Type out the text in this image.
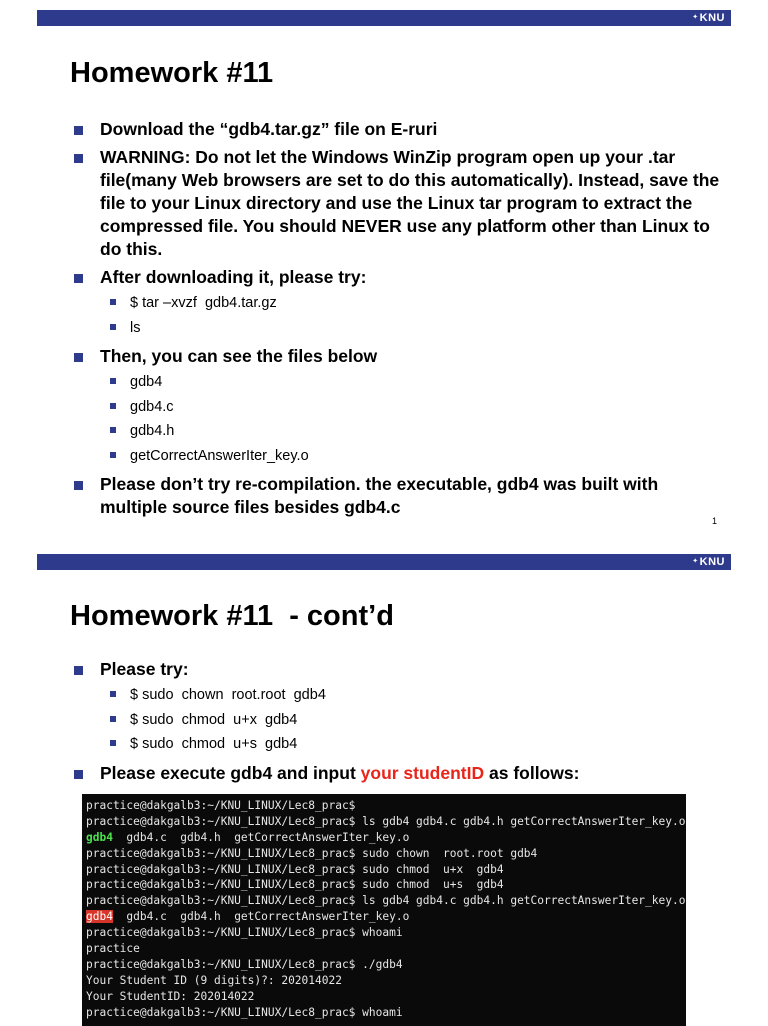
✦KNU
Homework #11
Download the “gdb4.tar.gz” file on E-ruri
WARNING: Do not let the Windows WinZip program open up your .tar file(many Web browsers are set to do this automatically). Instead, save the file to your Linux directory and use the Linux tar program to extract the compressed file. You should NEVER use any platform other than Linux to do this.
After downloading it, please try:
$ tar –xvzf  gdb4.tar.gz
ls
Then, you can see the files below
gdb4
gdb4.c
gdb4.h
getCorrectAnswerIter_key.o
Please don’t try re-compilation. the executable, gdb4 was built with multiple source files besides gdb4.c
1
✦KNU
Homework #11  - cont’d
Please try:
$ sudo  chown  root.root  gdb4
$ sudo  chmod  u+x  gdb4
$ sudo  chmod  u+s  gdb4
Please execute gdb4 and input your studentID as follows:
practice@dakgalb3:~/KNU_LINUX/Lec8_prac$
practice@dakgalb3:~/KNU_LINUX/Lec8_prac$ ls gdb4 gdb4.c gdb4.h getCorrectAnswerIter_key.o
gdb4  gdb4.c  gdb4.h  getCorrectAnswerIter_key.o
practice@dakgalb3:~/KNU_LINUX/Lec8_prac$ sudo chown  root.root gdb4
practice@dakgalb3:~/KNU_LINUX/Lec8_prac$ sudo chmod  u+x  gdb4
practice@dakgalb3:~/KNU_LINUX/Lec8_prac$ sudo chmod  u+s  gdb4
practice@dakgalb3:~/KNU_LINUX/Lec8_prac$ ls gdb4 gdb4.c gdb4.h getCorrectAnswerIter_key.o
gdb4  gdb4.c  gdb4.h  getCorrectAnswerIter_key.o
practice@dakgalb3:~/KNU_LINUX/Lec8_prac$ whoami
practice
practice@dakgalb3:~/KNU_LINUX/Lec8_prac$ ./gdb4
Your Student ID (9 digits)?: 202014022
Your StudentID: 202014022
practice@dakgalb3:~/KNU_LINUX/Lec8_prac$ whoami
